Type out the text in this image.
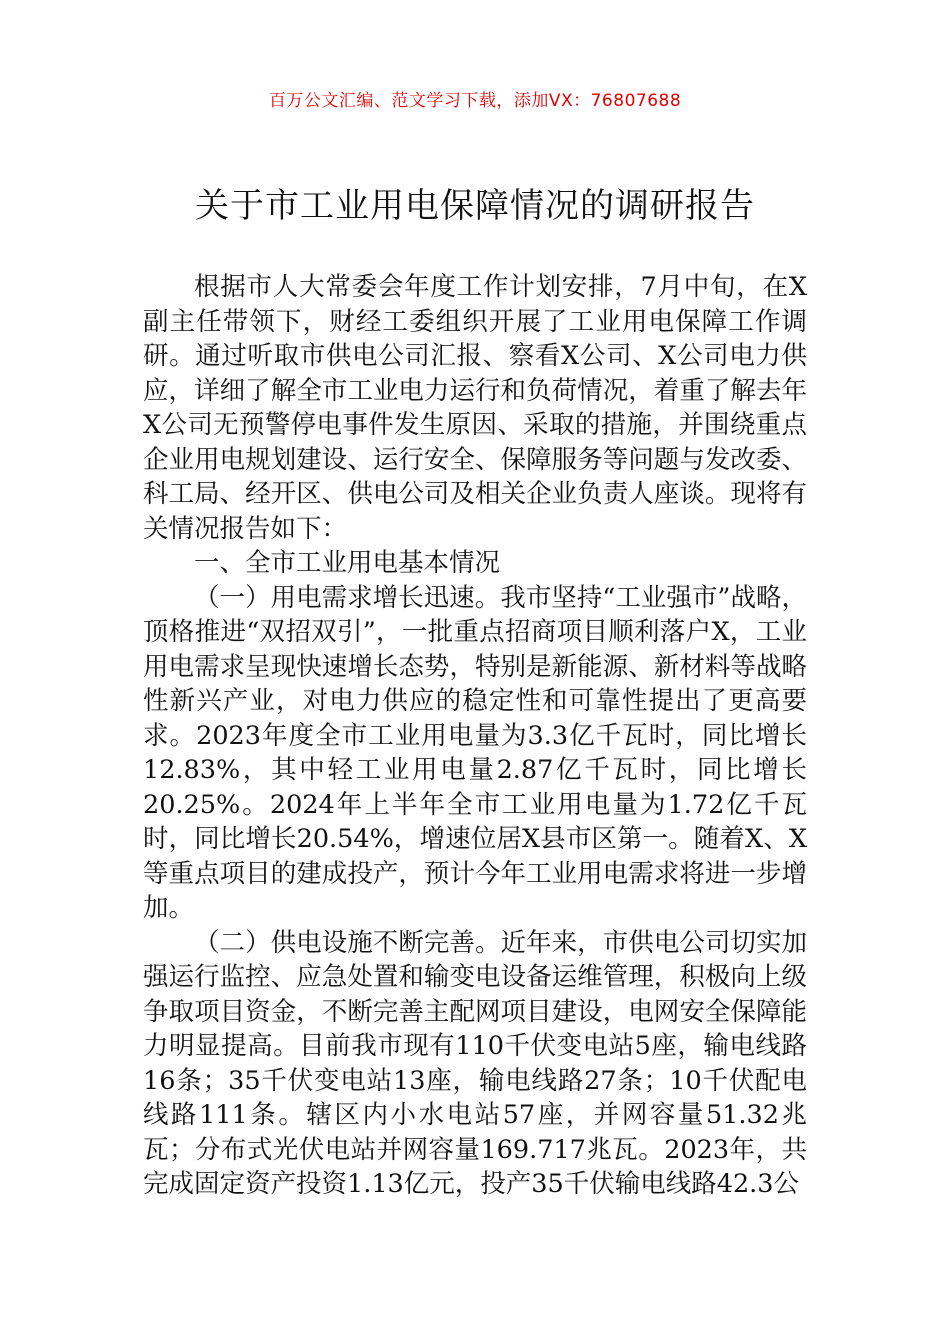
百万公文汇编、范文学习下载，添加VX：76807688
关于市工业用电保障情况的调研报告

根据市人大常委会年度工作计划安排，7月中旬，在X副主任带领下，财经工委组织开展了工业用电保障工作调研。通过听取市供电公司汇报、察看X公司、X公司电力供应，详细了解全市工业电力运行和负荷情况，着重了解去年X公司无预警停电事件发生原因、采取的措施，并围绕重点企业用电规划建设、运行安全、保障服务等问题与发改委、科工局、经开区、供电公司及相关企业负责人座谈。现将有关情况报告如下：

一、全市工业用电基本情况

（一）用电需求增长迅速。我市坚持“工业强市”战略，顶格推进“双招双引”，一批重点招商项目顺利落户X，工业用电需求呈现快速增长态势，特别是新能源、新材料等战略性新兴产业，对电力供应的稳定性和可靠性提出了更高要求。2023年度全市工业用电量为3.3亿千瓦时，同比增长12.83%，其中轻工业用电量2.87亿千瓦时，同比增长20.25%。2024年上半年全市工业用电量为1.72亿千瓦时，同比增长20.54%，增速位居X县市区第一。随着X、X等重点项目的建成投产，预计今年工业用电需求将进一步增加。

（二）供电设施不断完善。近年来，市供电公司切实加强运行监控、应急处置和输变电设备运维管理，积极向上级争取项目资金，不断完善主配网项目建设，电网安全保障能力明显提高。目前我市现有110千伏变电站5座，输电线路16条；35千伏变电站13座，输电线路27条；10千伏配电线路111条。辖区内小水电站57座，并网容量51.32兆瓦；分布式光伏电站并网容量169.717兆瓦。2023年，共完成固定资产投资1.13亿元，投产35千伏输电线路42.3公
